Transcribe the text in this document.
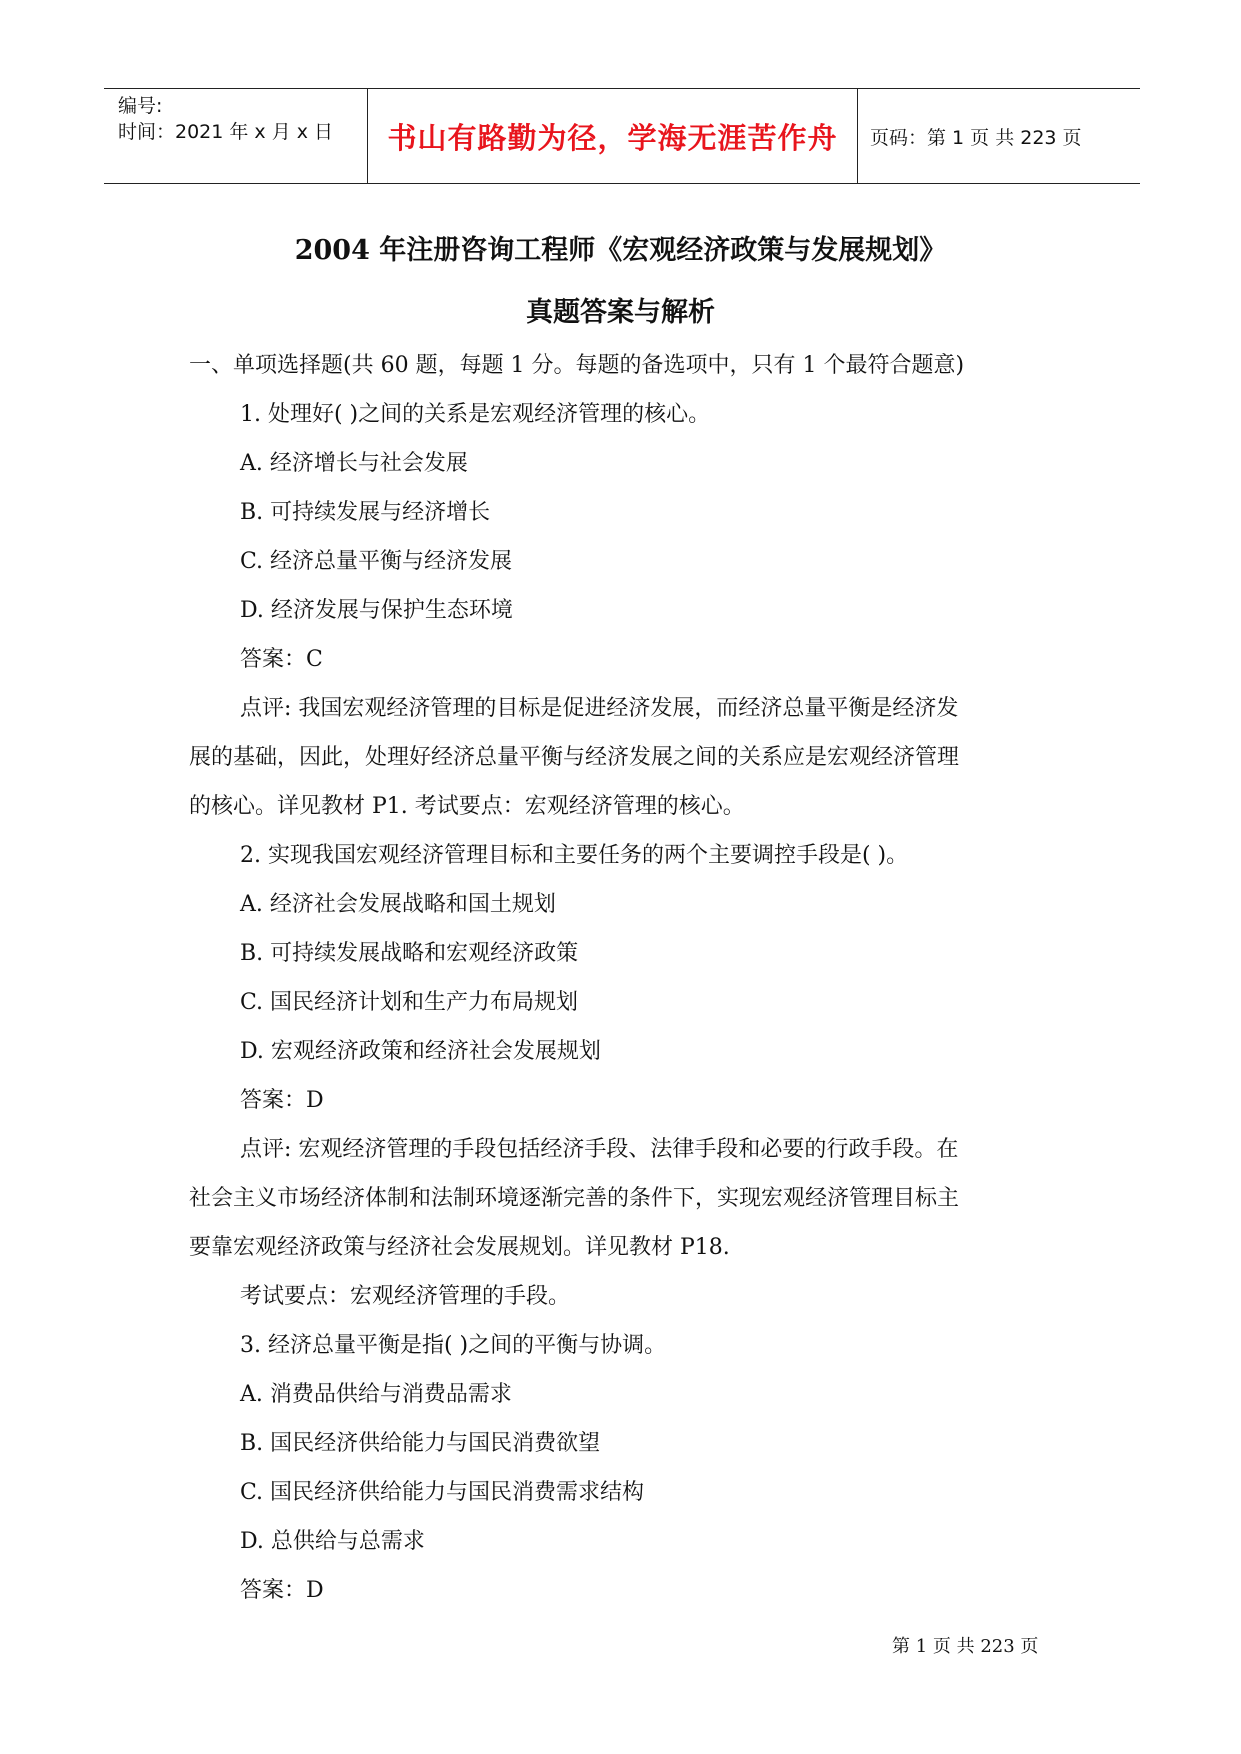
编号:
时间：2021 年 x 月 x 日	书山有路勤为径，学海无涯苦作舟	页码：第 1 页 共 223 页
2004 年注册咨询工程师《宏观经济政策与发展规划》
真题答案与解析
一、单项选择题(共 60 题，每题 1 分。每题的备选项中，只有 1 个最符合题意)
1. 处理好( )之间的关系是宏观经济管理的核心。
A. 经济增长与社会发展
B. 可持续发展与经济增长
C. 经济总量平衡与经济发展
D. 经济发展与保护生态环境
答案：C
点评: 我国宏观经济管理的目标是促进经济发展，而经济总量平衡是经济发
展的基础，因此，处理好经济总量平衡与经济发展之间的关系应是宏观经济管理
的核心。详见教材 P1. 考试要点：宏观经济管理的核心。
2. 实现我国宏观经济管理目标和主要任务的两个主要调控手段是( )。
A. 经济社会发展战略和国土规划
B. 可持续发展战略和宏观经济政策
C. 国民经济计划和生产力布局规划
D. 宏观经济政策和经济社会发展规划
答案：D
点评: 宏观经济管理的手段包括经济手段、法律手段和必要的行政手段。在
社会主义市场经济体制和法制环境逐渐完善的条件下，实现宏观经济管理目标主
要靠宏观经济政策与经济社会发展规划。详见教材 P18.
考试要点：宏观经济管理的手段。
3. 经济总量平衡是指( )之间的平衡与协调。
A. 消费品供给与消费品需求
B. 国民经济供给能力与国民消费欲望
C. 国民经济供给能力与国民消费需求结构
D. 总供给与总需求
答案：D
第 1 页 共 223 页
